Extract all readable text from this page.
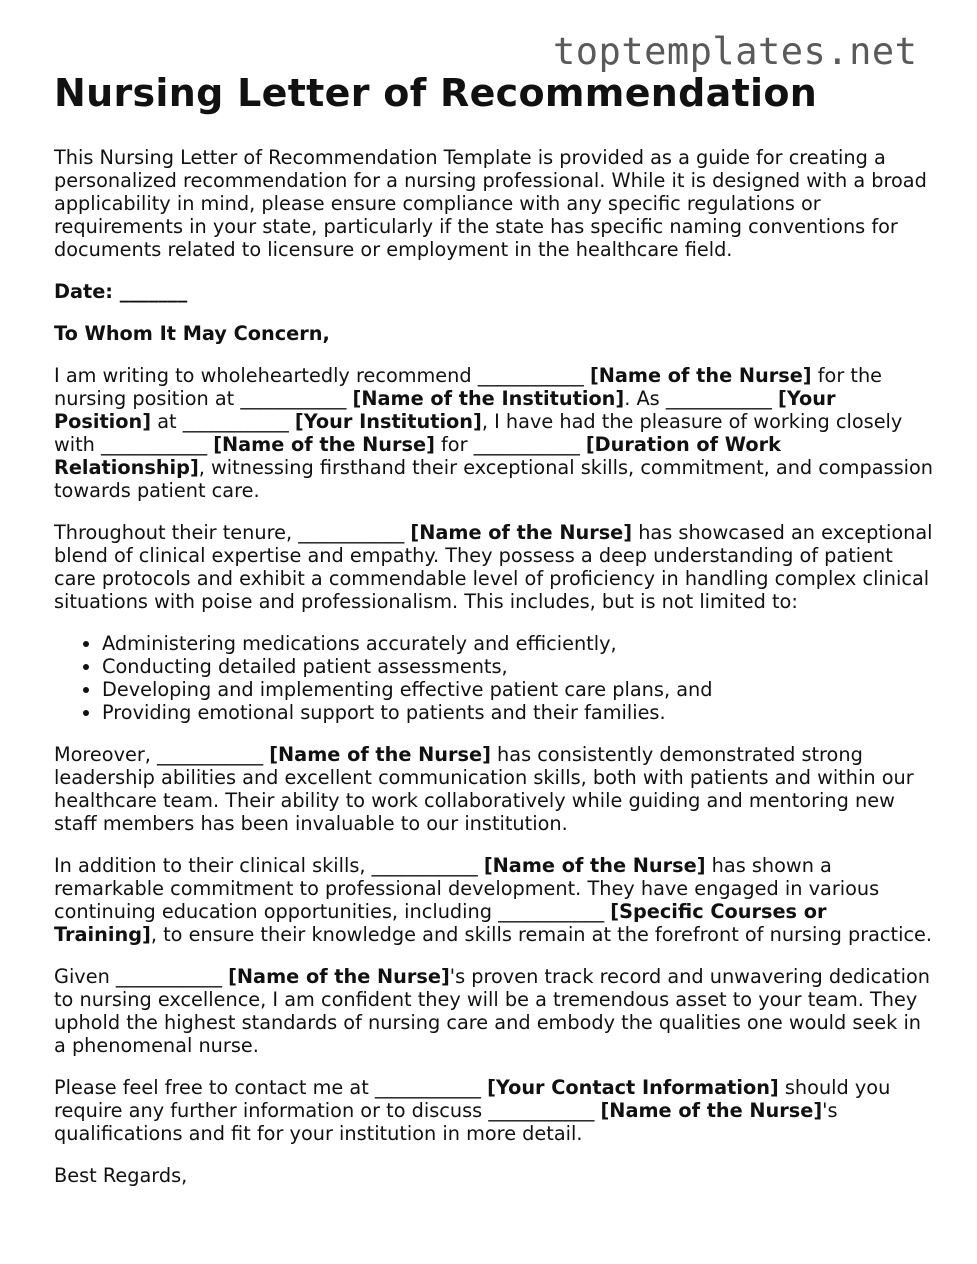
toptemplates.net
Nursing Letter of Recommendation

This Nursing Letter of Recommendation Template is provided as a guide for creating a personalized recommendation for a nursing professional. While it is designed with a broad applicability in mind, please ensure compliance with any specific regulations or requirements in your state, particularly if the state has specific naming conventions for documents related to licensure or employment in the healthcare field.

Date: _______

To Whom It May Concern,

I am writing to wholeheartedly recommend ___________ [Name of the Nurse] for the nursing position at ___________ [Name of the Institution]. As ___________ [Your Position] at ___________ [Your Institution], I have had the pleasure of working closely with ___________ [Name of the Nurse] for ___________ [Duration of Work Relationship], witnessing firsthand their exceptional skills, commitment, and compassion towards patient care.

Throughout their tenure, ___________ [Name of the Nurse] has showcased an exceptional blend of clinical expertise and empathy. They possess a deep understanding of patient care protocols and exhibit a commendable level of proficiency in handling complex clinical situations with poise and professionalism. This includes, but is not limited to:

• Administering medications accurately and efficiently,
• Conducting detailed patient assessments,
• Developing and implementing effective patient care plans, and
• Providing emotional support to patients and their families.

Moreover, ___________ [Name of the Nurse] has consistently demonstrated strong leadership abilities and excellent communication skills, both with patients and within our healthcare team. Their ability to work collaboratively while guiding and mentoring new staff members has been invaluable to our institution.

In addition to their clinical skills, ___________ [Name of the Nurse] has shown a remarkable commitment to professional development. They have engaged in various continuing education opportunities, including ___________ [Specific Courses or Training], to ensure their knowledge and skills remain at the forefront of nursing practice.

Given ___________ [Name of the Nurse]'s proven track record and unwavering dedication to nursing excellence, I am confident they will be a tremendous asset to your team. They uphold the highest standards of nursing care and embody the qualities one would seek in a phenomenal nurse.

Please feel free to contact me at ___________ [Your Contact Information] should you require any further information or to discuss ___________ [Name of the Nurse]'s qualifications and fit for your institution in more detail.

Best Regards,
